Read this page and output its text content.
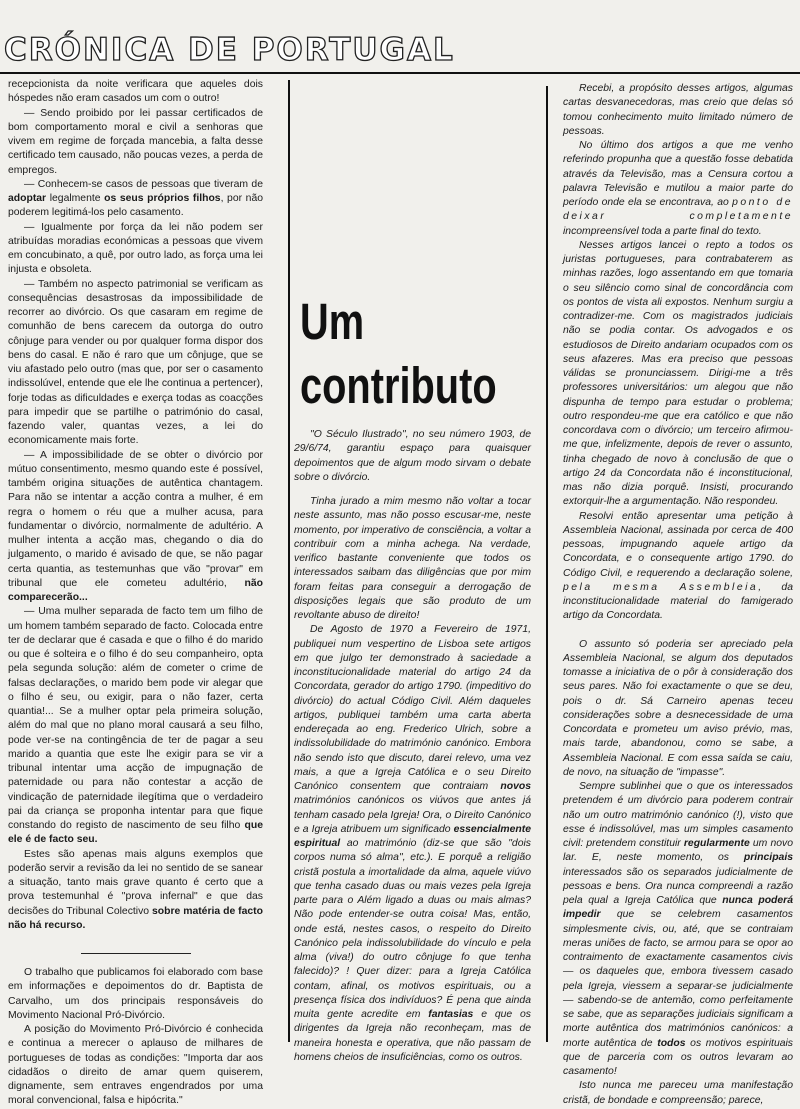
CRÓNICA DE PORTUGAL

recepcionista da noite verificara que aqueles dois hóspedes não eram casados um com o outro!

— Sendo proibido por lei passar certificados de bom comportamento moral e civil a senhoras que vivem em regime de forçada mancebia, a falta desse certificado tem causado, não poucas vezes, a perda de empregos.

— Conhecem-se casos de pessoas que tiveram de adoptar legalmente os seus próprios filhos, por não poderem legitimá-los pelo casamento.

— Igualmente por força da lei não podem ser atribuídas moradias económicas a pessoas que vivem em concubinato, a quê, por outro lado, as força uma lei injusta e obsoleta.

— Também no aspecto patrimonial se verificam as consequências desastrosas da impossibilidade de recorrer ao divórcio. Os que casaram em regime de comunhão de bens carecem da outorga do outro cônjuge para vender ou por qualquer forma dispor dos bens do casal. E não é raro que um cônjuge, que se viu afastado pelo outro (mas que, por ser o casamento indissolúvel, entende que ele lhe continua a pertencer), forje todas as dificuldades e exerça todas as coacções para impedir que se partilhe o património do casal, fazendo valer, quantas vezes, a lei do economicamente mais forte.

— A impossibilidade de se obter o divórcio por mútuo consentimento, mesmo quando este é possível, também origina situações de autêntica chantagem. Para não se intentar a acção contra a mulher, é em regra o homem o réu que a mulher acusa, para fundamentar o divórcio, normalmente de adultério. A mulher intenta a acção mas, chegando o dia do julgamento, o marido é avisado de que, se não pagar certa quantia, as testemunhas que vão "provar" em tribunal que ele cometeu adultério, não comparecerão...

— Uma mulher separada de facto tem um filho de um homem também separado de facto. Colocada entre ter de declarar que é casada e que o filho é do marido ou que é solteira e o filho é do seu companheiro, opta pela segunda solução: além de cometer o crime de falsas declarações, o marido bem pode vir alegar que o filho é seu, ou exigir, para o não fazer, certa quantia!... Se a mulher optar pela primeira solução, além do mal que no plano moral causará a seu filho, pode ver-se na contingência de ter de pagar a seu marido a quantia que este lhe exigir para se vir a tribunal intentar uma acção de impugnação de paternidade ou para não contestar a acção de vindicação de paternidade ilegítima que o verdadeiro pai da criança se proponha intentar para que fique constando do registo de nascimento de seu filho que ele é de facto seu.

Estes são apenas mais alguns exemplos que poderão servir a revisão da lei no sentido de se sanear a situação, tanto mais grave quanto é certo que a prova testemunhal é "prova infernal" e que das decisões do Tribunal Colectivo sobre matéria de facto não há recurso.

O trabalho que publicamos foi elaborado com base em informações e depoimentos do dr. Baptista de Carvalho, um dos principais responsáveis do Movimento Nacional Pró-Divórcio.

A posição do Movimento Pró-Divórcio é conhecida e continua a merecer o aplauso de milhares de portugueses de todas as condições: "Importa dar aos cidadãos o direito de amar quem quiserem, dignamente, sem entraves engendrados por uma moral convencional, falsa e hipócrita."

Um
contributo

"O Século Ilustrado", no seu número 1903, de 29/6/74, garantiu espaço para quaisquer depoimentos que de algum modo sirvam o debate sobre o divórcio.

Tinha jurado a mim mesmo não voltar a tocar neste assunto, mas não posso escusar-me, neste momento, por imperativo de consciência, a voltar a contribuir com a minha achega. Na verdade, verifico bastante conveniente que todos os interessados saibam das diligências que por mim foram feitas para conseguir a derrogação de disposições legais que são produto de um revoltante abuso de direito!

De Agosto de 1970 a Fevereiro de 1971, publiquei num vespertino de Lisboa sete artigos em que julgo ter demonstrado à saciedade a inconstitucionalidade material do artigo 24 da Concordata, gerador do artigo 1790. (impeditivo do divórcio) do actual Código Civil. Além daqueles artigos, publiquei também uma carta aberta endereçada ao eng. Frederico Ulrich, sobre a indissolubilidade do matrimónio canónico. Embora não sendo isto que discuto, darei relevo, uma vez mais, a que a Igreja Católica e o seu Direito Canónico consentem que contraiam novos matrimónios canónicos os viúvos que antes já tenham casado pela Igreja! Ora, o Direito Canónico e a Igreja atribuem um significado essencialmente espiritual ao matrimónio (diz-se que são "dois corpos numa só alma", etc.). E porquê a religião cristã postula a imortalidade da alma, aquele viúvo que tenha casado duas ou mais vezes pela Igreja parte para o Além ligado a duas ou mais almas? Não pode entender-se outra coisa! Mas, então, onde está, nestes casos, o respeito do Direito Canónico pela indissolubilidade do vínculo e pela alma (viva!) do outro cônjuge fo que tenha falecido)? ! Quer dizer: para a Igreja Católica contam, afinal, os motivos espirituais, ou a presença física dos indivíduos? É pena que ainda muita gente acredite em fantasias e que os dirigentes da Igreja não reconheçam, mas de maneira honesta e operativa, que não passam de homens cheios de insuficiências, como os outros.

Recebi, a propósito desses artigos, algumas cartas desvanecedoras, mas creio que delas só tomou conhecimento muito limitado número de pessoas.

No último dos artigos a que me venho referindo propunha que a questão fosse debatida através da Televisão, mas a Censura cortou a palavra Televisão e mutilou a maior parte do período onde ela se encontrava, ao ponto de deixar completamente incompreensível toda a parte final do texto.

Nesses artigos lancei o repto a todos os juristas portugueses, para contrabaterem as minhas razões, logo assentando em que tomaria o seu silêncio como sinal de concordância com os pontos de vista ali expostos. Nenhum surgiu a contradizer-me. Com os magistrados judiciais não se podia contar. Os advogados e os estudiosos de Direito andariam ocupados com os seus afazeres. Mas era preciso que pessoas válidas se pronunciassem. Dirigi-me a três professores universitários: um alegou que não dispunha de tempo para estudar o problema; outro respondeu-me que era católico e que não concordava com o divórcio; um terceiro afirmou-me que, infelizmente, depois de rever o assunto, tinha chegado de novo à conclusão de que o artigo 24 da Concordata não é inconstitucional, mas não dizia porquê. Insisti, procurando extorquir-lhe a argumentação. Não respondeu.

Resolvi então apresentar uma petição à Assembleia Nacional, assinada por cerca de 400 pessoas, impugnando aquele artigo da Concordata, e o consequente artigo 1790. do Código Civil, e requerendo a declaração solene, pela mesma Assembleia, da inconstitucionalidade material do famigerado artigo da Concordata.

O assunto só poderia ser apreciado pela Assembleia Nacional, se algum dos deputados tomasse a iniciativa de o pôr à consideração dos seus pares. Não foi exactamente o que se deu, pois o dr. Sá Carneiro apenas teceu considerações sobre a desnecessidade de uma Concordata e prometeu um aviso prévio, mas, mais tarde, abandonou, como se sabe, a Assembleia Nacional. E com essa saída se caiu, de novo, na situação de "impasse".

Sempre sublinhei que o que os interessados pretendem é um divórcio para poderem contrair não um outro matrimónio canónico (!), visto que esse é indissolúvel, mas um simples casamento civil: pretendem constituir regularmente um novo lar. E, neste momento, os principais interessados são os separados judicialmente de pessoas e bens. Ora nunca compreendi a razão pela qual a Igreja Católica que nunca poderá impedir que se celebrem casamentos simplesmente civis, ou, até, que se contraiam meras uniões de facto, se armou para se opor ao contraimento de exactamente casamentos civis — os daqueles que, embora tivessem casado pela Igreja, viessem a separar-se judicialmente — sabendo-se de antemão, como perfeitamente se sabe, que as separações judiciais significam a morte autêntica dos matrimónios canónicos: a morte autêntica de todos os motivos espirituais que de parceria com os outros levaram ao casamento!

Isto nunca me pareceu uma manifestação cristã, de bondade e compreensão; parece,
